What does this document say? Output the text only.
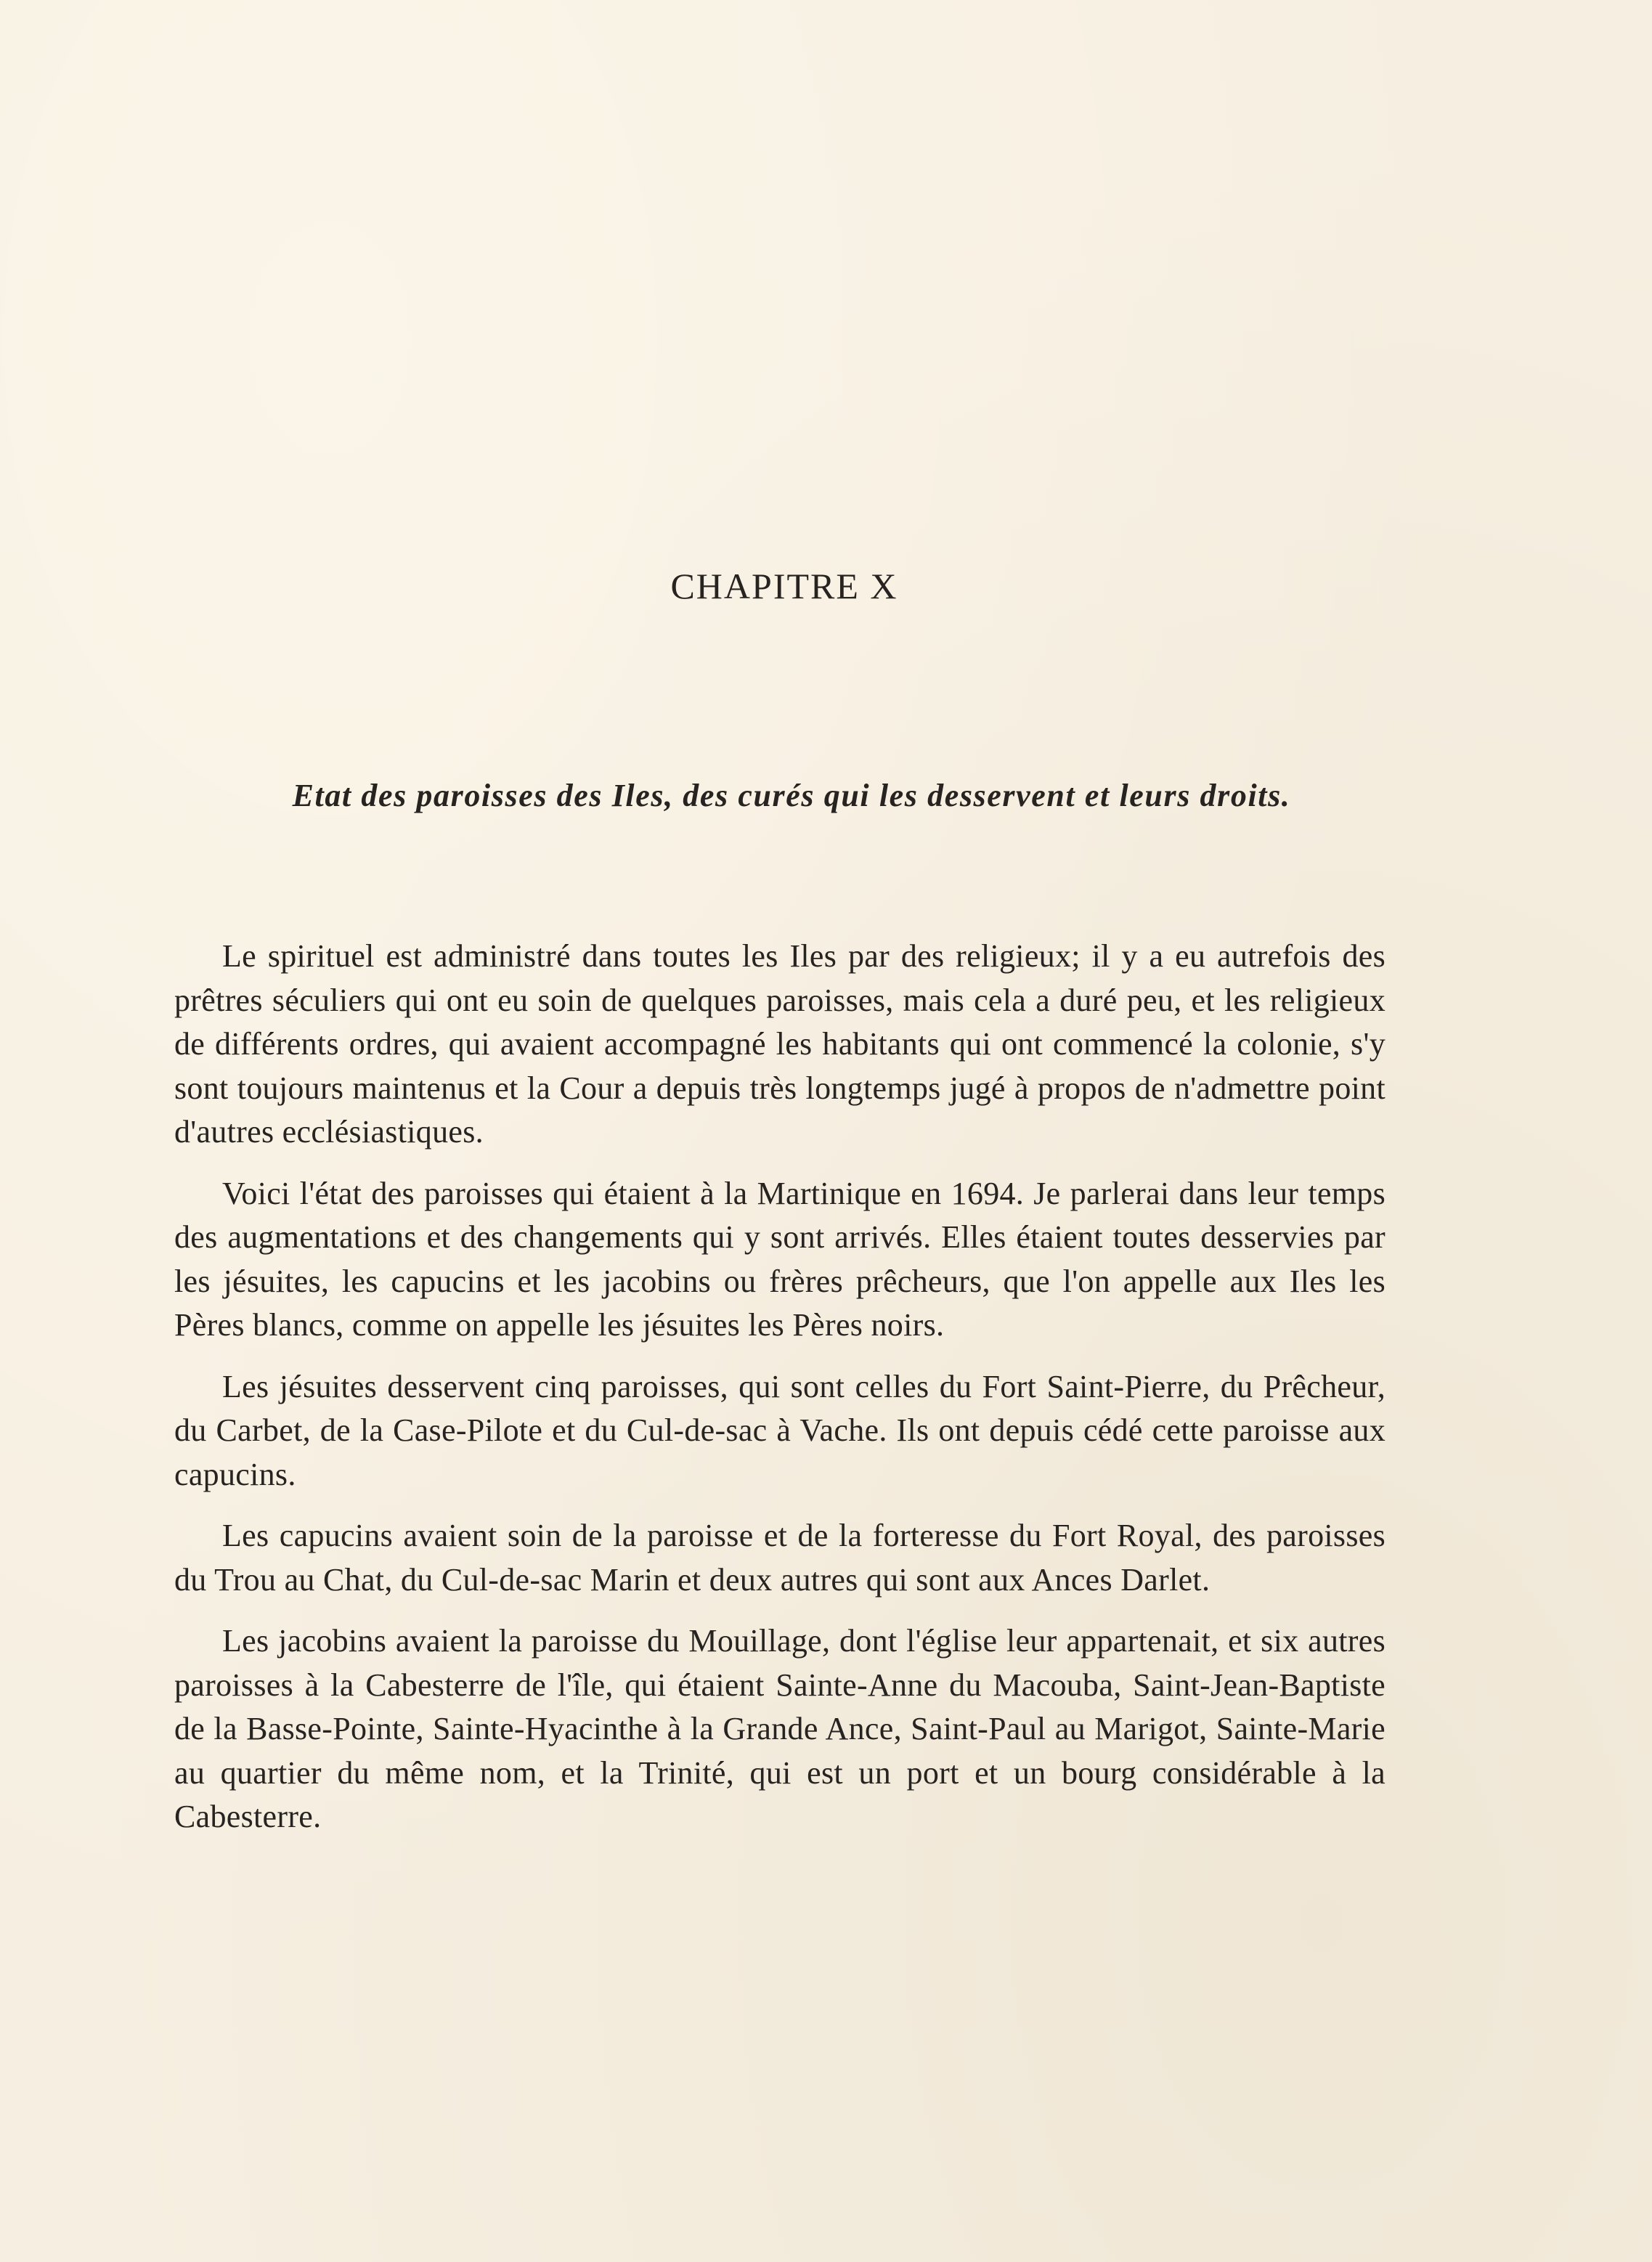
CHAPITRE X
Etat des paroisses des Iles, des curés qui les desservent et leurs droits.

Le spirituel est administré dans toutes les Iles par des religieux; il y a eu autrefois des prêtres séculiers qui ont eu soin de quelques paroisses, mais cela a duré peu, et les religieux de différents ordres, qui avaient accompagné les habitants qui ont commencé la colonie, s'y sont toujours maintenus et la Cour a depuis très longtemps jugé à propos de n'admettre point d'autres ecclésiastiques.

Voici l'état des paroisses qui étaient à la Martinique en 1694. Je parlerai dans leur temps des augmentations et des changements qui y sont arrivés. Elles étaient toutes desservies par les jésuites, les capucins et les jacobins ou frères prêcheurs, que l'on appelle aux Iles les Pères blancs, comme on appelle les jésuites les Pères noirs.

Les jésuites desservent cinq paroisses, qui sont celles du Fort Saint-Pierre, du Prêcheur, du Carbet, de la Case-Pilote et du Cul-de-sac à Vache. Ils ont depuis cédé cette paroisse aux capucins.

Les capucins avaient soin de la paroisse et de la forteresse du Fort Royal, des paroisses du Trou au Chat, du Cul-de-sac Marin et deux autres qui sont aux Ances Darlet.

Les jacobins avaient la paroisse du Mouillage, dont l'église leur appartenait, et six autres paroisses à la Cabesterre de l'île, qui étaient Sainte-Anne du Macouba, Saint-Jean-Baptiste de la Basse-Pointe, Sainte-Hyacinthe à la Grande Ance, Saint-Paul au Marigot, Sainte-Marie au quartier du même nom, et la Trinité, qui est un port et un bourg considérable à la Cabesterre.
